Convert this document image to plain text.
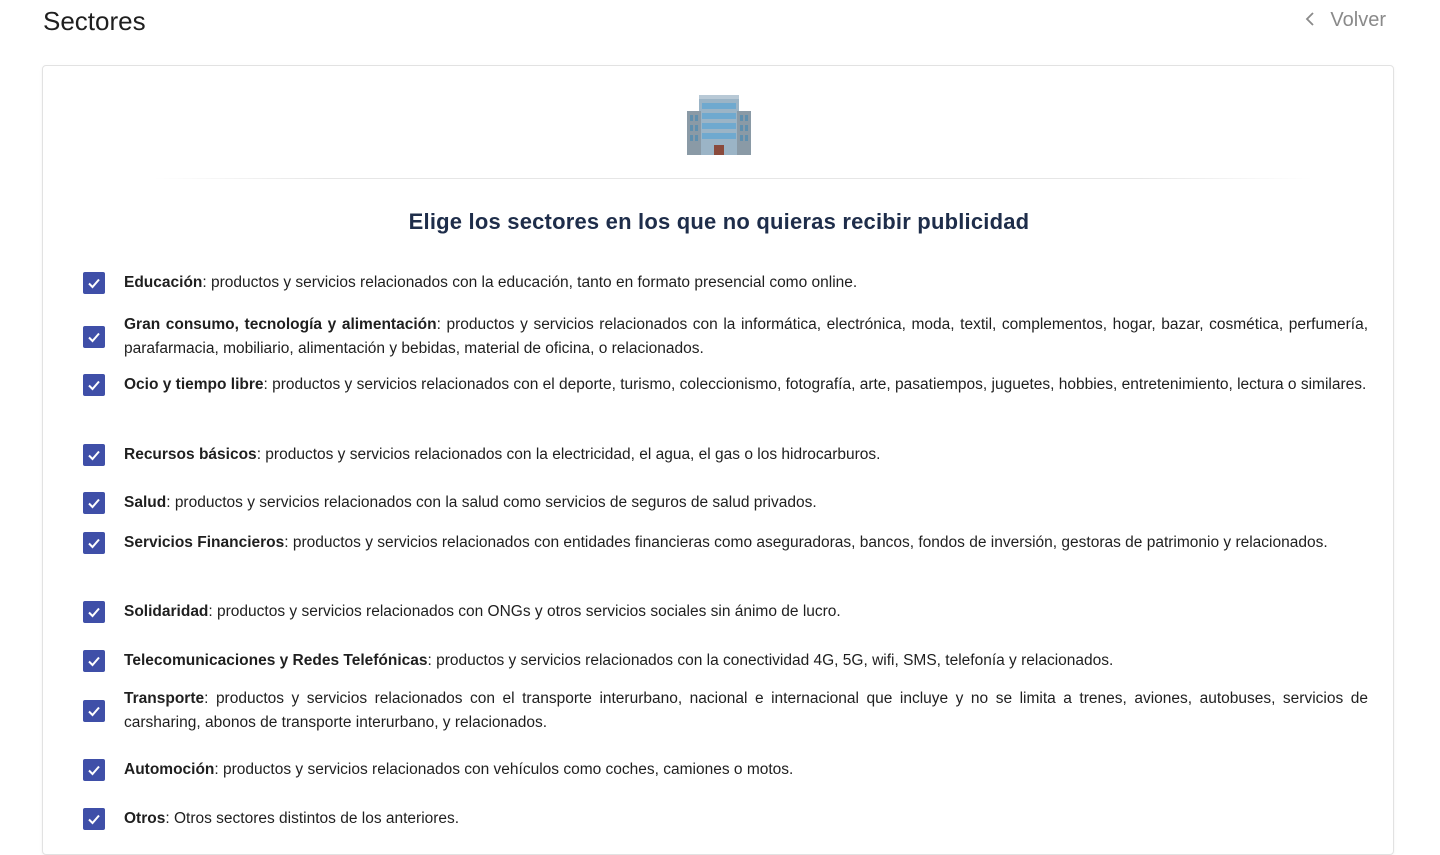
Sectores	Volver
Elige los sectores en los que no quieras recibir publicidad

Educación: productos y servicios relacionados con la educación, tanto en formato presencial como online.

Gran consumo, tecnología y alimentación: productos y servicios relacionados con la informática, electrónica, moda, textil, complementos, hogar, bazar, cosmética, perfumería, parafarmacia, mobiliario, alimentación y bebidas, material de oficina, o relacionados.

Ocio y tiempo libre: productos y servicios relacionados con el deporte, turismo, coleccionismo, fotografía, arte, pasatiempos, juguetes, hobbies, entretenimiento, lectura o similares.

Recursos básicos: productos y servicios relacionados con la electricidad, el agua, el gas o los hidrocarburos.

Salud: productos y servicios relacionados con la salud como servicios de seguros de salud privados.

Servicios Financieros: productos y servicios relacionados con entidades financieras como aseguradoras, bancos, fondos de inversión, gestoras de patrimonio y relacionados.

Solidaridad: productos y servicios relacionados con ONGs y otros servicios sociales sin ánimo de lucro.

Telecomunicaciones y Redes Telefónicas: productos y servicios relacionados con la conectividad 4G, 5G, wifi, SMS, telefonía y relacionados.

Transporte: productos y servicios relacionados con el transporte interurbano, nacional e internacional que incluye y no se limita a trenes, aviones, autobuses, servicios de carsharing, abonos de transporte interurbano, y relacionados.

Automoción: productos y servicios relacionados con vehículos como coches, camiones o motos.

Otros: Otros sectores distintos de los anteriores.
